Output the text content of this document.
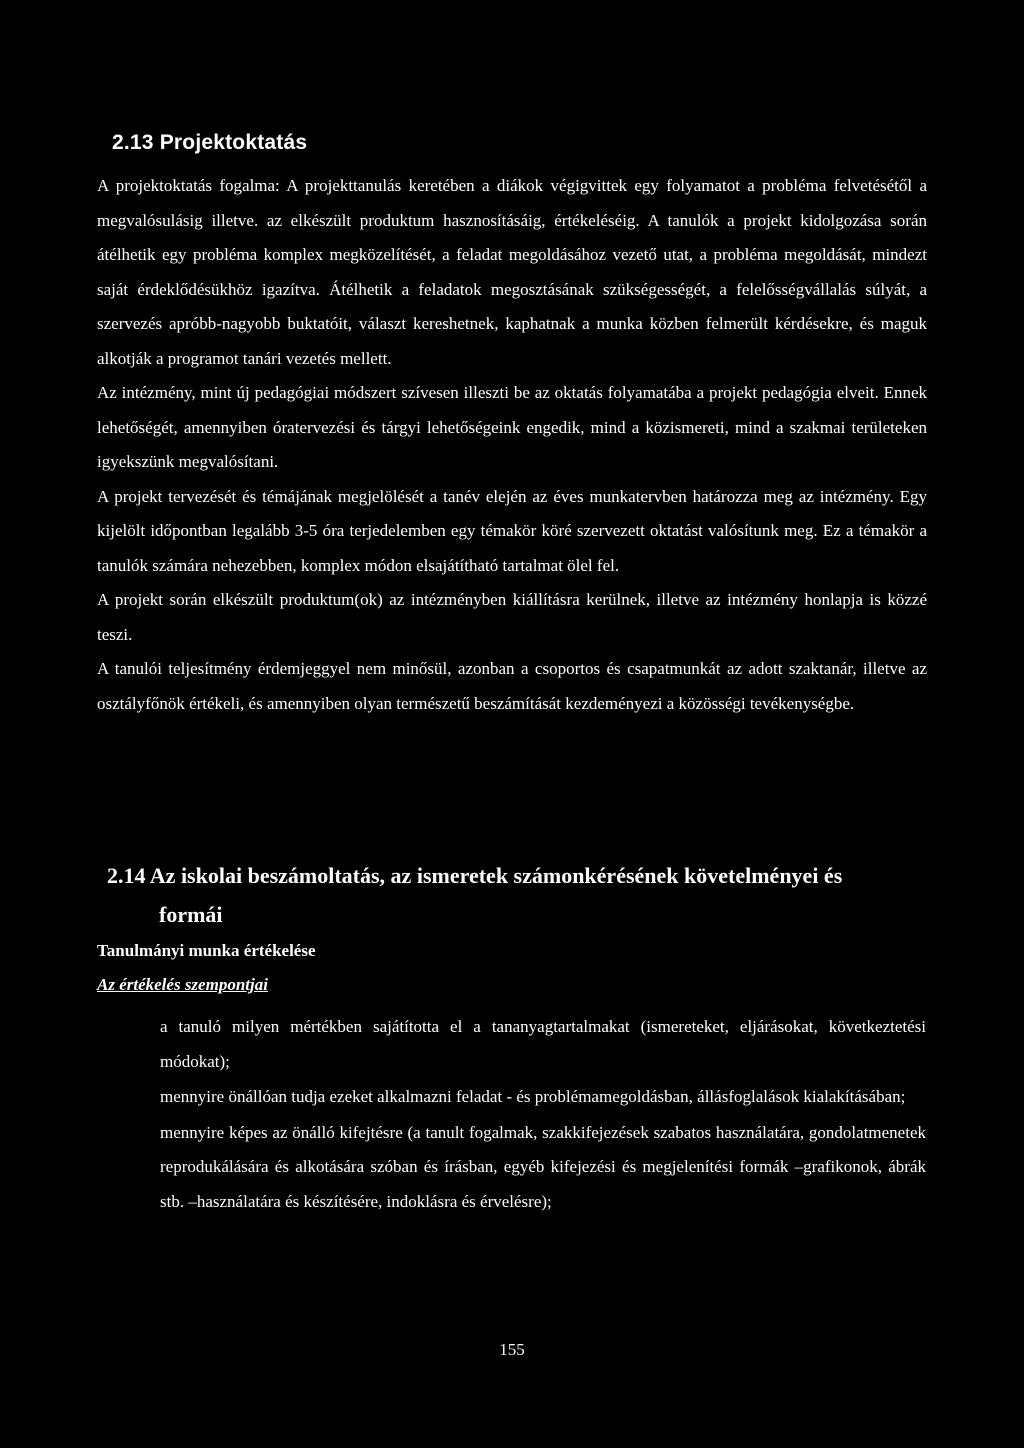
2.13 Projektoktatás

A projektoktatás fogalma: A projekttanulás keretében a diákok végigvittek egy folyamatot a probléma felvetésétől a megvalósulásig illetve. az elkészült produktum hasznosításáig, értékeléséig. A tanulók a projekt kidolgozása során átélhetik egy probléma komplex megközelítését, a feladat megoldásához vezető utat, a probléma megoldását, mindezt saját érdeklődésükhöz igazítva. Átélhetik a feladatok megosztásának szükségességét, a felelősségvállalás súlyát, a szervezés apróbb-nagyobb buktatóit, választ kereshetnek, kaphatnak a munka közben felmerült kérdésekre, és maguk alkotják a programot tanári vezetés mellett.

Az intézmény, mint új pedagógiai módszert szívesen illeszti be az oktatás folyamatába a projekt pedagógia elveit. Ennek lehetőségét, amennyiben óratervezési és tárgyi lehetőségeink engedik, mind a közismereti, mind a szakmai területeken igyekszünk megvalósítani.

A projekt tervezését és témájának megjelölését a tanév elején az éves munkatervben határozza meg az intézmény. Egy kijelölt időpontban legalább 3-5 óra terjedelemben egy témakör köré szervezett oktatást valósítunk meg. Ez a témakör a tanulók számára nehezebben, komplex módon elsajátítható tartalmat ölel fel.

A projekt során elkészült produktum(ok) az intézményben kiállításra kerülnek, illetve az intézmény honlapja is közzé teszi.

A tanulói teljesítmény érdemjeggyel nem minősül, azonban a csoportos és csapatmunkát az adott szaktanár, illetve az osztályfőnök értékeli, és amennyiben olyan természetű beszámítását kezdeményezi a közösségi tevékenységbe.

2.14 Az iskolai beszámoltatás, az ismeretek számonkérésének követelményei és
formái
Tanulmányi munka értékelése
Az értékelés szempontjai
a tanuló milyen mértékben sajátította el a tananyagtartalmakat (ismereteket, eljárásokat, következtetési módokat);
mennyire önállóan tudja ezeket alkalmazni feladat - és problémamegoldásban, állásfoglalások kialakításában;
mennyire képes az önálló kifejtésre (a tanult fogalmak, szakkifejezések szabatos használatára, gondolatmenetek reprodukálására és alkotására szóban és írásban, egyéb kifejezési és megjelenítési formák –grafikonok, ábrák stb. –használatára és készítésére, indoklásra és érvelésre);
155
